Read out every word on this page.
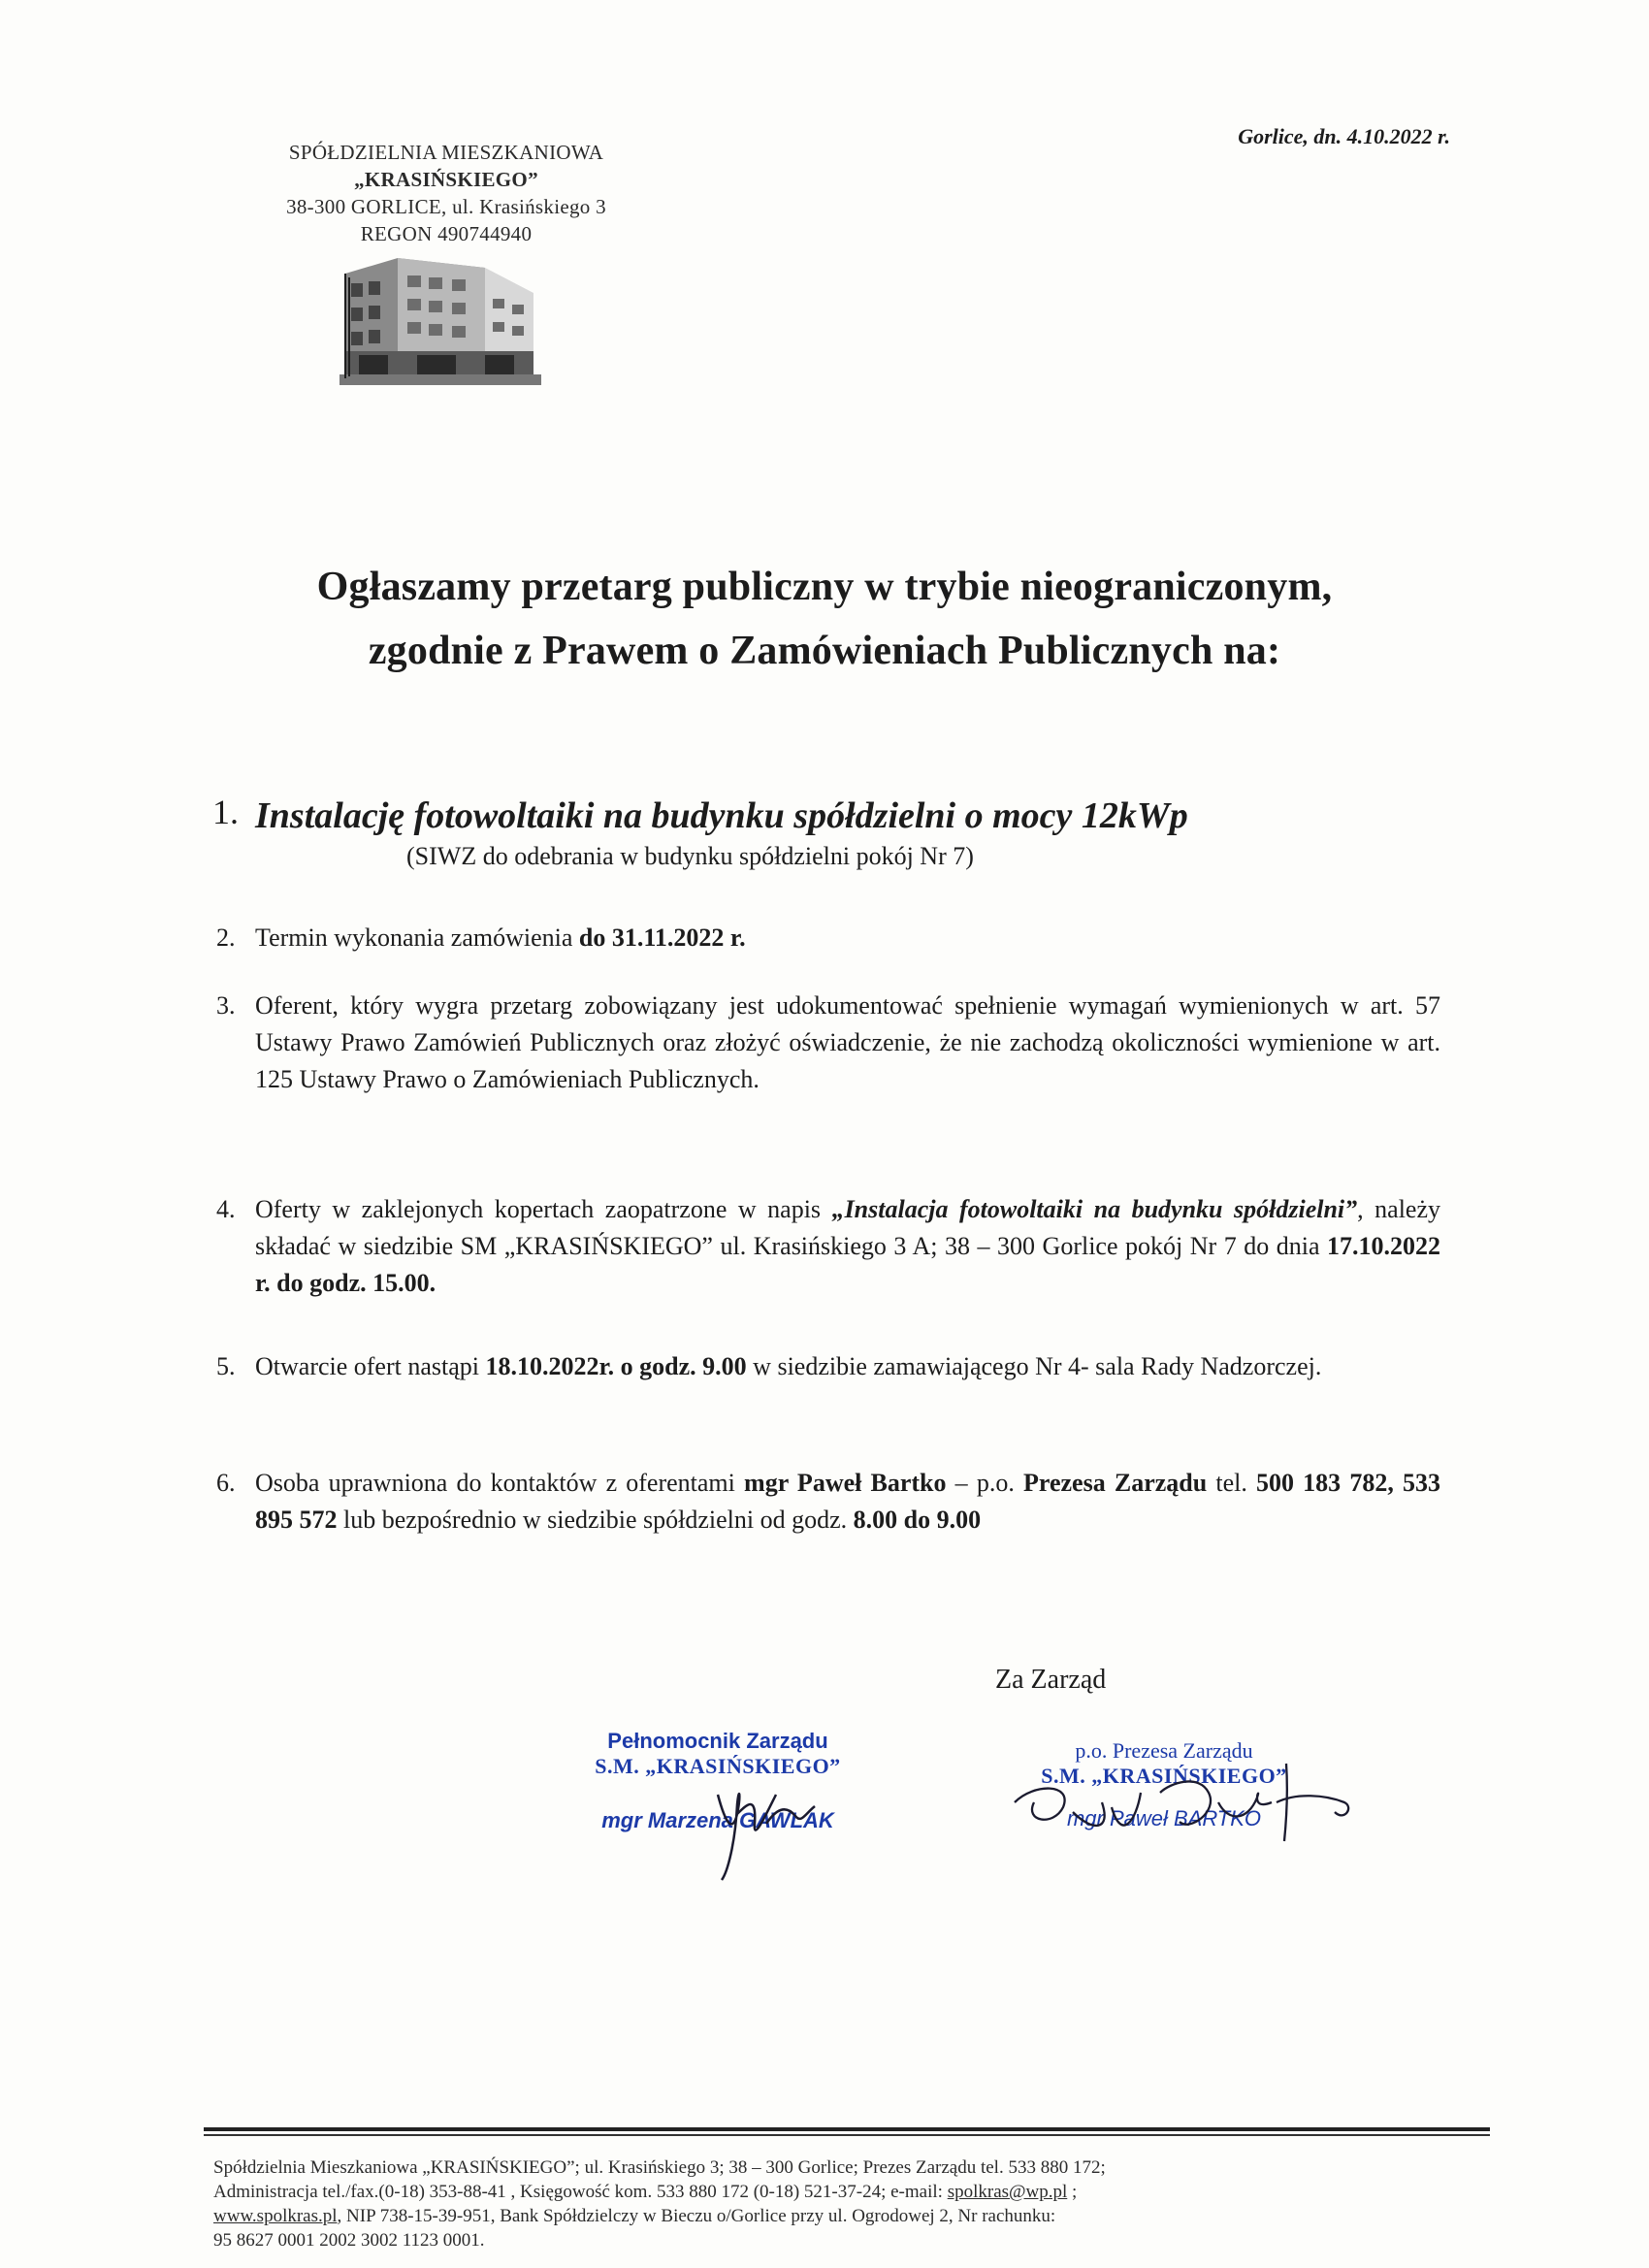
SPÓŁDZIELNIA MIESZKANIOWA
„KRASIŃSKIEGO”
38-300 GORLICE, ul. Krasińskiego 3
REGON 490744940
Gorlice, dn. 4.10.2022 r.
Ogłaszamy przetarg publiczny w trybie nieograniczonym,
zgodnie z Prawem o Zamówieniach Publicznych na:
1. Instalację fotowoltaiki na budynku spółdzielni o mocy 12kWp
(SIWZ do odebrania w budynku spółdzielni pokój Nr 7)
2. Termin wykonania zamówienia do 31.11.2022 r.
3. Oferent, który wygra przetarg zobowiązany jest udokumentować spełnienie wymagań wymienionych w art. 57 Ustawy Prawo Zamówień Publicznych oraz złożyć oświadczenie, że nie zachodzą okoliczności wymienione w art. 125 Ustawy Prawo o Zamówieniach Publicznych.
4. Oferty w zaklejonych kopertach zaopatrzone w napis „Instalacja fotowoltaiki na budynku spółdzielni”, należy składać w siedzibie SM „KRASIŃSKIEGO” ul. Krasińskiego 3 A; 38 – 300 Gorlice pokój Nr 7 do dnia 17.10.2022 r. do godz. 15.00.
5. Otwarcie ofert nastąpi 18.10.2022r. o godz. 9.00 w siedzibie zamawiającego Nr 4- sala Rady Nadzorczej.
6. Osoba uprawniona do kontaktów z oferentami mgr Paweł Bartko – p.o. Prezesa Zarządu tel. 500 183 782, 533 895 572 lub bezpośrednio w siedzibie spółdzielni od godz. 8.00 do 9.00
Za Zarząd
Pełnomocnik Zarządu
S.M. „KRASIŃSKIEGO”
mgr Marzena GAWLAK
p.o. Prezesa Zarządu
S.M. „KRASIŃSKIEGO”
mgr Paweł BARTKO
Spółdzielnia Mieszkaniowa „KRASIŃSKIEGO”; ul. Krasińskiego 3; 38 – 300 Gorlice; Prezes Zarządu tel. 533 880 172;
Administracja tel./fax.(0-18) 353-88-41 , Księgowość kom. 533 880 172 (0-18) 521-37-24; e-mail: spolkras@wp.pl ;
www.spolkras.pl, NIP 738-15-39-951, Bank Spółdzielczy w Bieczu o/Gorlice przy ul. Ogrodowej 2, Nr rachunku:
95 8627 0001 2002 3002 1123 0001.
